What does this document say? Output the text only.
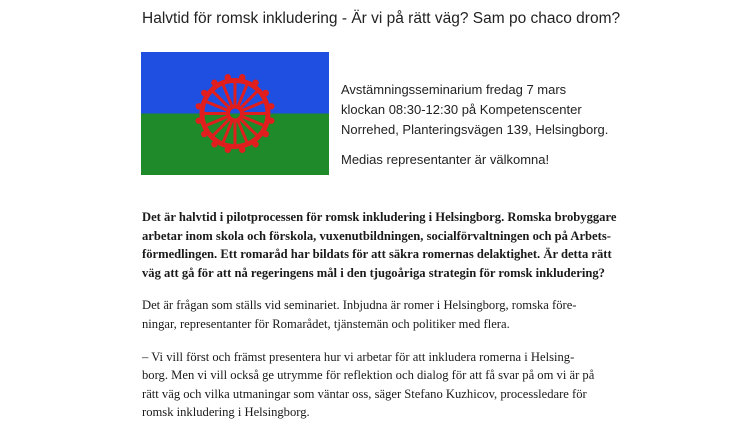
Halvtid för romsk inkludering - Är vi på rätt väg? Sam po chaco drom?
Avstämningsseminarium fredag 7 mars
klockan 08:30-12:30 på Kompetenscenter
Norrehed, Planteringsvägen 139, Helsingborg.
Medias representanter är välkomna!
Det är halvtid i pilotprocessen för romsk inkludering i Helsingborg. Romska brobyggare
arbetar inom skola och förskola, vuxenutbildningen, socialförvaltningen och på Arbets-
förmedlingen. Ett romaråd har bildats för att säkra romernas delaktighet. Är detta rätt
väg att gå för att nå regeringens mål i den tjugoåriga strategin för romsk inkludering?
Det är frågan som ställs vid seminariet. Inbjudna är romer i Helsingborg, romska före-
ningar, representanter för Romarådet, tjänstemän och politiker med flera.
– Vi vill först och främst presentera hur vi arbetar för att inkludera romerna i Helsing-
borg. Men vi vill också ge utrymme för reflektion och dialog för att få svar på om vi är på
rätt väg och vilka utmaningar som väntar oss, säger Stefano Kuzhicov, processledare för
romsk inkludering i Helsingborg.
